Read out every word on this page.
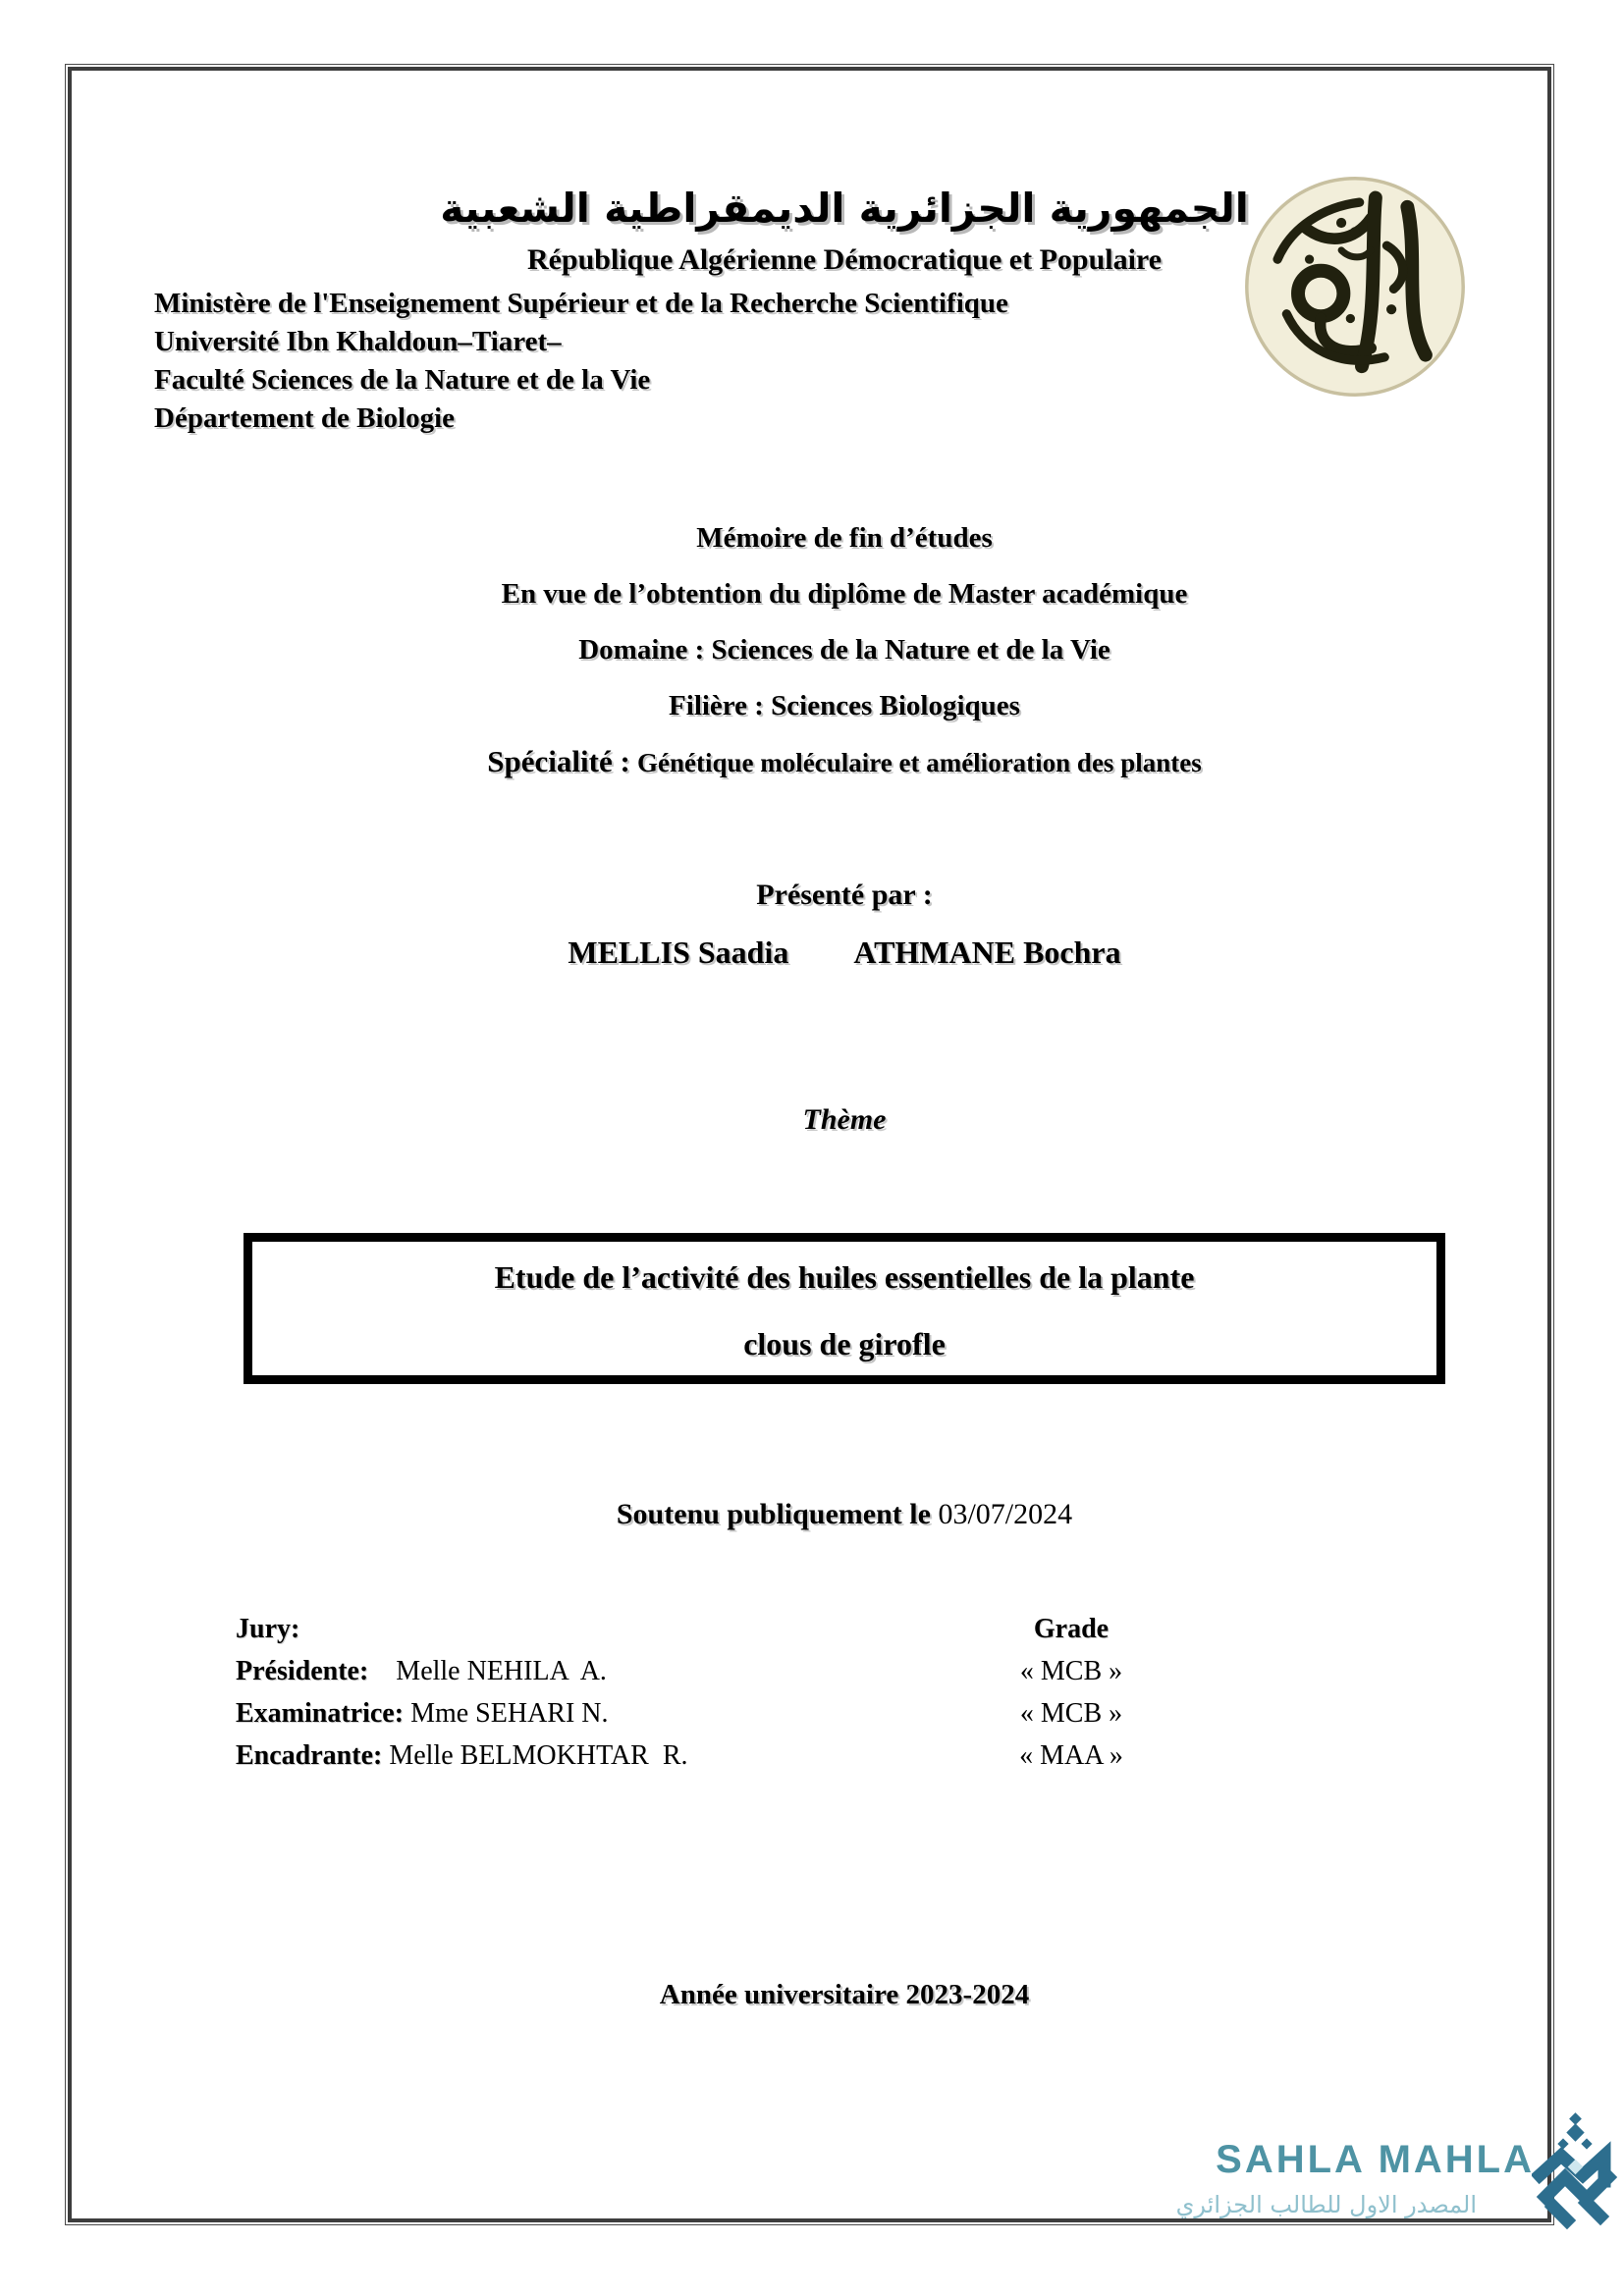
الجمهورية الجزائرية الديمقراطية الشعبية
République Algérienne Démocratique et Populaire
Ministère de l'Enseignement Supérieur et de la Recherche Scientifique
Université Ibn Khaldoun–Tiaret–
Faculté Sciences de la Nature et de la Vie
Département de Biologie
Mémoire de fin d’études
En vue de l’obtention du diplôme de Master académique
Domaine : Sciences de la Nature et de la Vie
Filière : Sciences Biologiques
Spécialité : Génétique moléculaire et amélioration des plantes
Présenté par :
MELLIS Saadia ATHMANE Bochra
Thème
Etude de l’activité des huiles essentielles de la plante
clous de girofle
Soutenu publiquement le 03/07/2024
Jury:	Grade
Présidente:    Melle NEHILA  A.	« MCB »
Examinatrice: Mme SEHARI N.	« MCB »
Encadrante: Melle BELMOKHTAR  R.	« MAA »
Année universitaire 2023-2024
SAHLA MAHLA
المصدر الاول للطالب الجزائري
